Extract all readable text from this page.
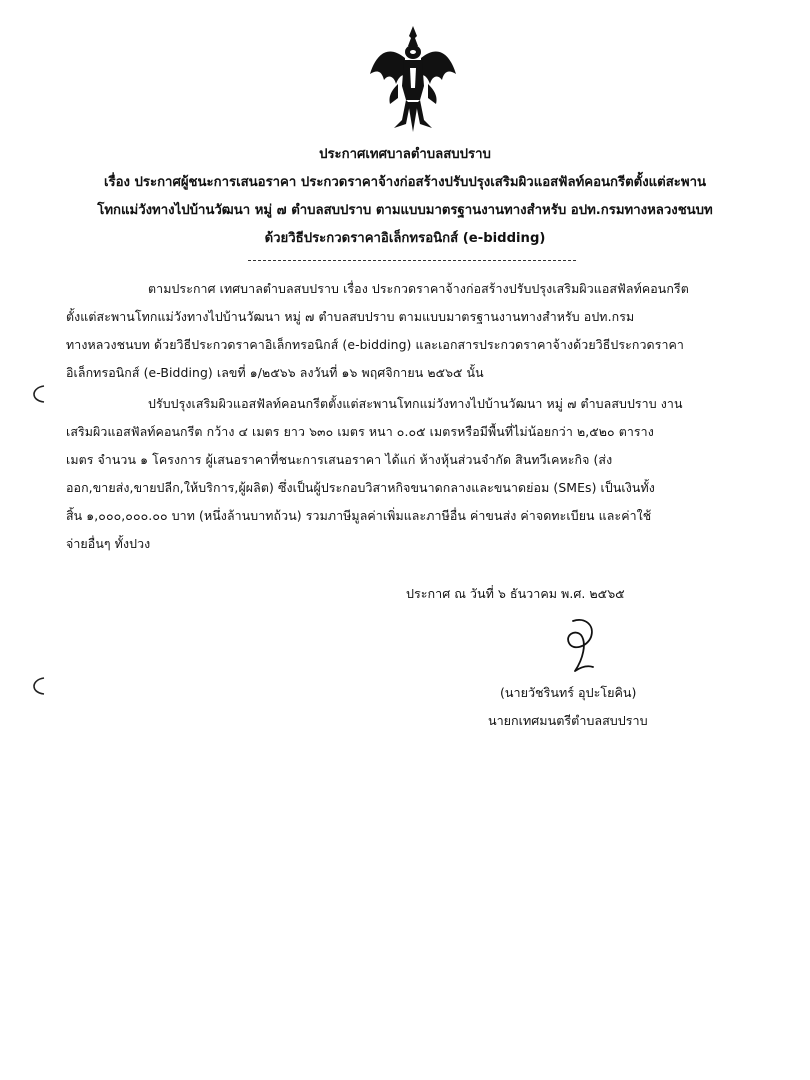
ประกาศเทศบาลตำบลสบปราบ
เรื่อง ประกาศผู้ชนะการเสนอราคา ประกวดราคาจ้างก่อสร้างปรับปรุงเสริมผิวแอสฟัลท์คอนกรีตตั้งแต่สะพาน
โทกแม่วังทางไปบ้านวัฒนา หมู่ ๗ ตำบลสบปราบ ตามแบบมาตรฐานงานทางสำหรับ อปท.กรมทางหลวงชนบท
ด้วยวิธีประกวดราคาอิเล็กทรอนิกส์ (e-bidding)
ตามประกาศ เทศบาลตำบลสบปราบ เรื่อง ประกวดราคาจ้างก่อสร้างปรับปรุงเสริมผิวแอสฟัลท์คอนกรีต
ตั้งแต่สะพานโทกแม่วังทางไปบ้านวัฒนา หมู่ ๗ ตำบลสบปราบ ตามแบบมาตรฐานงานทางสำหรับ อปท.กรม
ทางหลวงชนบท ด้วยวิธีประกวดราคาอิเล็กทรอนิกส์ (e-bidding) และเอกสารประกวดราคาจ้างด้วยวิธีประกวดราคา
อิเล็กทรอนิกส์ (e-Bidding) เลขที่ ๑/๒๕๖๖ ลงวันที่ ๑๖ พฤศจิกายน ๒๕๖๕ นั้น
ปรับปรุงเสริมผิวแอสฟัลท์คอนกรีตตั้งแต่สะพานโทกแม่วังทางไปบ้านวัฒนา หมู่ ๗ ตำบลสบปราบ งาน
เสริมผิวแอสฟัลท์คอนกรีต กว้าง ๔ เมตร ยาว ๖๓๐ เมตร หนา ๐.๐๕ เมตรหรือมีพื้นที่ไม่น้อยกว่า ๒,๕๒๐ ตาราง
เมตร จำนวน ๑ โครงการ ผู้เสนอราคาที่ชนะการเสนอราคา ได้แก่ ห้างหุ้นส่วนจำกัด สินทวีเคหะกิจ (ส่ง
ออก,ขายส่ง,ขายปลีก,ให้บริการ,ผู้ผลิต) ซึ่งเป็นผู้ประกอบวิสาหกิจขนาดกลางและขนาดย่อม (SMEs) เป็นเงินทั้ง
สิ้น ๑,๐๐๐,๐๐๐.๐๐ บาท (หนึ่งล้านบาทถ้วน) รวมภาษีมูลค่าเพิ่มและภาษีอื่น ค่าขนส่ง ค่าจดทะเบียน และค่าใช้
จ่ายอื่นๆ ทั้งปวง
ประกาศ ณ วันที่ ๖ ธันวาคม พ.ศ. ๒๕๖๕
(นายวัชรินทร์ อุปะโยคิน)
นายกเทศมนตรีตำบลสบปราบ
